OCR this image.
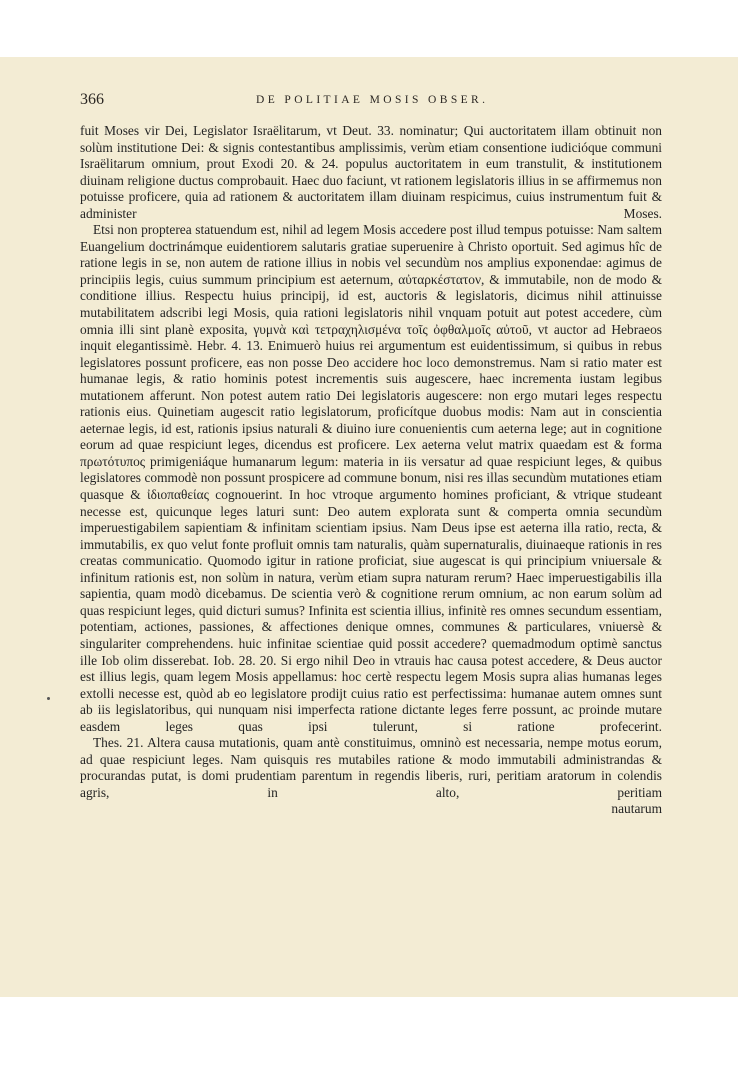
366	DE POLITIAE MOSIS OBSER.

fuit Moses vir Dei, Legislator Israëlitarum, vt Deut. 33. nominatur; Qui auctoritatem illam obtinuit non solùm institutione Dei: & signis contestantibus amplissimis, verùm etiam consentione iudicióque communi Israëlitarum omnium, prout Exodi 20. & 24. populus auctoritatem in eum transtulit, & institutionem diuinam religione ductus comprobauit. Haec duo faciunt, vt rationem legislatoris illius in se affirmemus non potuisse proficere, quia ad rationem & auctoritatem illam diuinam respicimus, cuius instrumentum fuit & administer Moses.

Etsi non propterea statuendum est, nihil ad legem Mosis accedere post illud tempus potuisse: Nam saltem Euangelium doctrinámque euidentiorem salutaris gratiae superuenire à Christo oportuit. Sed agimus hîc de ratione legis in se, non autem de ratione illius in nobis vel secundùm nos amplius exponendae: agimus de principiis legis, cuius summum principium est aeternum, αὐταρκέστατον, & immutabile, non de modo & conditione illius. Respectu huius principij, id est, auctoris & legislatoris, dicimus nihil attinuisse mutabilitatem adscribi legi Mosis, quia rationi legislatoris nihil vnquam potuit aut potest accedere, cùm omnia illi sint planè exposita, γυμνὰ καὶ τετραχηλισμένα τοῖς ὀφθαλμοῖς αὐτοῦ, vt auctor ad Hebraeos inquit elegantissimè. Hebr. 4. 13. Enimuerò huius rei argumentum est euidentissimum, si quibus in rebus legislatores possunt proficere, eas non posse Deo accidere hoc loco demonstremus. Nam si ratio mater est humanae legis, & ratio hominis potest incrementis suis augescere, haec incrementa iustam legibus mutationem afferunt. Non potest autem ratio Dei legislatoris augescere: non ergo mutari leges respectu rationis eius. Quinetiam augescit ratio legislatorum, proficítque duobus modis: Nam aut in conscientia aeternae legis, id est, rationis ipsius naturali & diuino iure conuenientis cum aeterna lege; aut in cognitione eorum ad quae respiciunt leges, dicendus est proficere. Lex aeterna velut matrix quaedam est & forma πρωτότυπος primigeniáque humanarum legum: materia in iis versatur ad quae respiciunt leges, & quibus legislatores commodè non possunt prospicere ad commune bonum, nisi res illas secundùm mutationes etiam quasque & ἰδιοπαθείας cognouerint. In hoc vtroque argumento homines proficiant, & vtrique studeant necesse est, quicunque leges laturi sunt: Deo autem explorata sunt & comperta omnia secundùm imperuestigabilem sapientiam & infinitam scientiam ipsius. Nam Deus ipse est aeterna illa ratio, recta, & immutabilis, ex quo velut fonte profluit omnis tam naturalis, quàm supernaturalis, diuinaeque rationis in res creatas communicatio. Quomodo igitur in ratione proficiat, siue augescat is qui principium vniuersale & infinitum rationis est, non solùm in natura, verùm etiam supra naturam rerum? Haec imperuestigabilis illa sapientia, quam modò dicebamus. De scientia verò & cognitione rerum omnium, ac non earum solùm ad quas respiciunt leges, quid dicturi sumus? Infinita est scientia illius, infinitè res omnes secundum essentiam, potentiam, actiones, passiones, & affectiones denique omnes, communes & particulares, vniuersè & singulariter comprehendens. huic infinitae scientiae quid possit accedere? quemadmodum optimè sanctus ille Iob olim disserebat. Iob. 28. 20. Si ergo nihil Deo in vtrauis hac causa potest accedere, & Deus auctor est illius legis, quam legem Mosis appellamus: hoc certè respectu legem Mosis supra alias humanas leges extolli necesse est, quòd ab eo legislatore prodijt cuius ratio est perfectissima: humanae autem omnes sunt ab iis legislatoribus, qui nunquam nisi imperfecta ratione dictante leges ferre possunt, ac proinde mutare easdem leges quas ipsi tulerunt, si ratione profecerint.

Thes. 21. Altera causa mutationis, quam antè constituimus, omninò est necessaria, nempe motus eorum, ad quae respiciunt leges. Nam quisquis res mutabiles ratione & modo immutabili administrandas & procurandas putat, is domi prudentiam parentum in regendis liberis, ruri, peritiam aratorum in colendis agris, in alto, peritiam

nautarum
